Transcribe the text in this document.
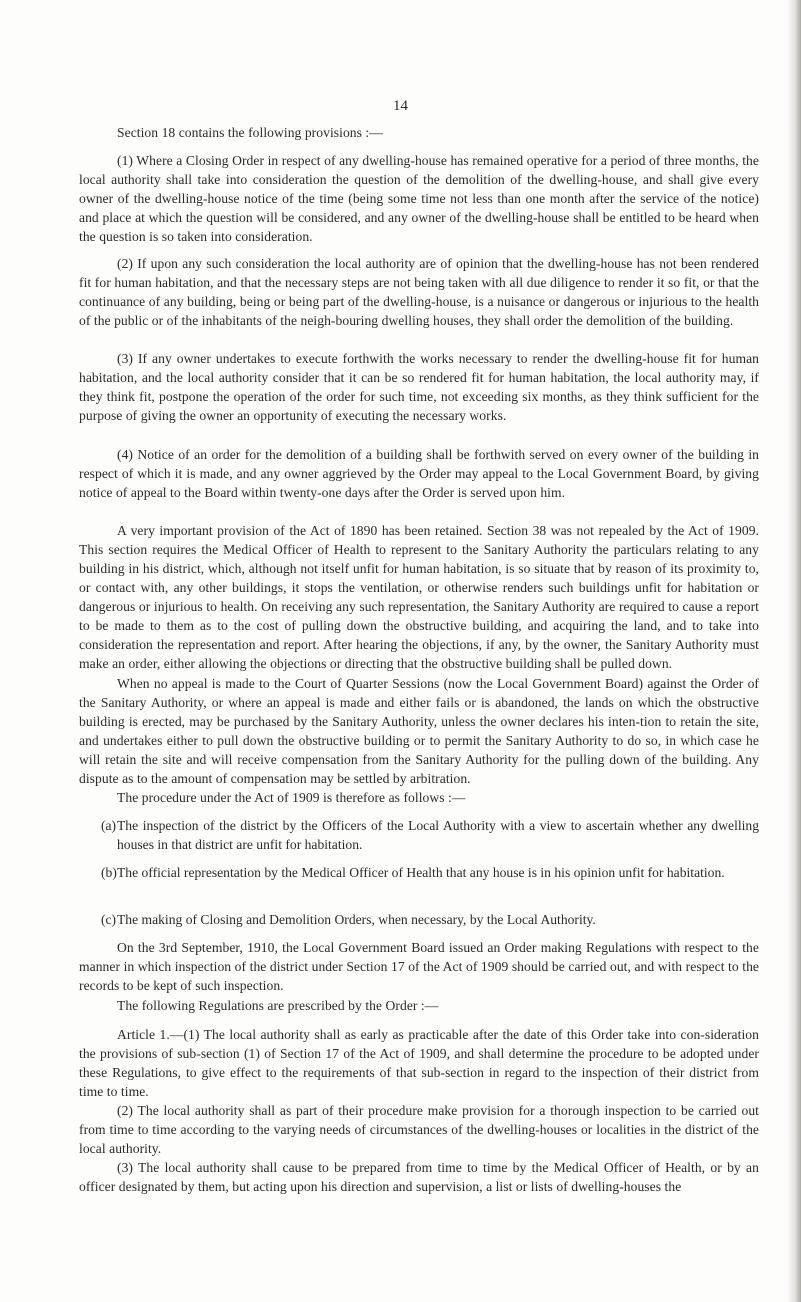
14
Section 18 contains the following provisions :—
(1) Where a Closing Order in respect of any dwelling-house has remained operative for a period of three months, the local authority shall take into consideration the question of the demolition of the dwelling-house, and shall give every owner of the dwelling-house notice of the time (being some time not less than one month after the service of the notice) and place at which the question will be considered, and any owner of the dwelling-house shall be entitled to be heard when the question is so taken into consideration.
(2) If upon any such consideration the local authority are of opinion that the dwelling-house has not been rendered fit for human habitation, and that the necessary steps are not being taken with all due diligence to render it so fit, or that the continuance of any building, being or being part of the dwelling-house, is a nuisance or dangerous or injurious to the health of the public or of the inhabitants of the neigh-bouring dwelling houses, they shall order the demolition of the building.
(3) If any owner undertakes to execute forthwith the works necessary to render the dwelling-house fit for human habitation, and the local authority consider that it can be so rendered fit for human habitation, the local authority may, if they think fit, postpone the operation of the order for such time, not exceeding six months, as they think sufficient for the purpose of giving the owner an opportunity of executing the necessary works.
(4) Notice of an order for the demolition of a building shall be forthwith served on every owner of the building in respect of which it is made, and any owner aggrieved by the Order may appeal to the Local Government Board, by giving notice of appeal to the Board within twenty-one days after the Order is served upon him.
A very important provision of the Act of 1890 has been retained. Section 38 was not repealed by the Act of 1909. This section requires the Medical Officer of Health to represent to the Sanitary Authority the particulars relating to any building in his district, which, although not itself unfit for human habitation, is so situate that by reason of its proximity to, or contact with, any other buildings, it stops the ventilation, or otherwise renders such buildings unfit for habitation or dangerous or injurious to health. On receiving any such representation, the Sanitary Authority are required to cause a report to be made to them as to the cost of pulling down the obstructive building, and acquiring the land, and to take into consideration the representation and report. After hearing the objections, if any, by the owner, the Sanitary Authority must make an order, either allowing the objections or directing that the obstructive building shall be pulled down.
When no appeal is made to the Court of Quarter Sessions (now the Local Government Board) against the Order of the Sanitary Authority, or where an appeal is made and either fails or is abandoned, the lands on which the obstructive building is erected, may be purchased by the Sanitary Authority, unless the owner declares his inten-tion to retain the site, and undertakes either to pull down the obstructive building or to permit the Sanitary Authority to do so, in which case he will retain the site and will receive compensation from the Sanitary Authority for the pulling down of the building. Any dispute as to the amount of compensation may be settled by arbitration.
The procedure under the Act of 1909 is therefore as follows :—
(a) The inspection of the district by the Officers of the Local Authority with a view to ascertain whether any dwelling houses in that district are unfit for habitation.
(b) The official representation by the Medical Officer of Health that any house is in his opinion unfit for habitation.
(c) The making of Closing and Demolition Orders, when necessary, by the Local Authority.
On the 3rd September, 1910, the Local Government Board issued an Order making Regulations with respect to the manner in which inspection of the district under Section 17 of the Act of 1909 should be carried out, and with respect to the records to be kept of such inspection.
The following Regulations are prescribed by the Order :—
Article 1.—(1) The local authority shall as early as practicable after the date of this Order take into con-sideration the provisions of sub-section (1) of Section 17 of the Act of 1909, and shall determine the procedure to be adopted under these Regulations, to give effect to the requirements of that sub-section in regard to the inspection of their district from time to time.
(2) The local authority shall as part of their procedure make provision for a thorough inspection to be carried out from time to time according to the varying needs of circumstances of the dwelling-houses or localities in the district of the local authority.
(3) The local authority shall cause to be prepared from time to time by the Medical Officer of Health, or by an officer designated by them, but acting upon his direction and supervision, a list or lists of dwelling-houses the
